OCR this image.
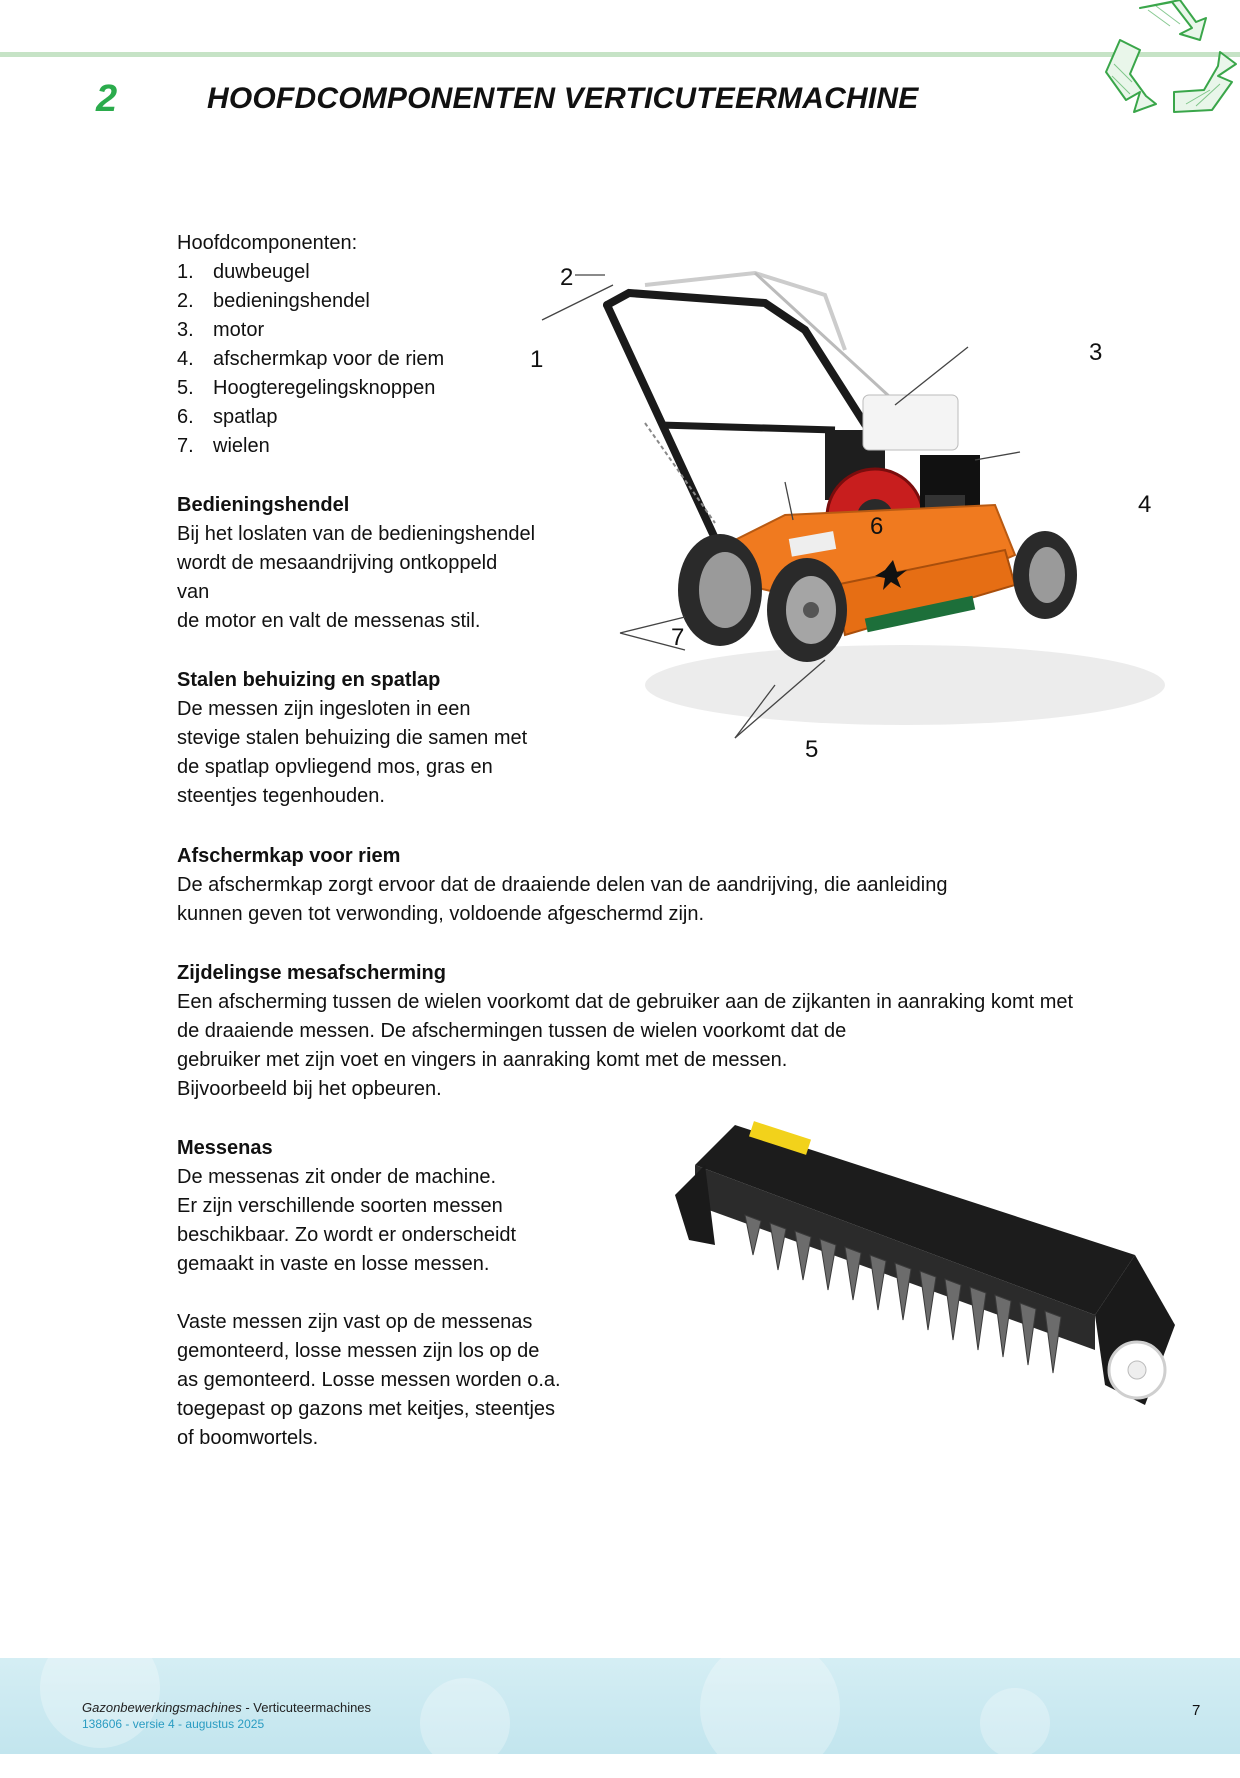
2	HOOFDCOMPONENTEN VERTICUTEERMACHINE

Hoofdcomponenten:

1. duwbeugel
2. bedieningshendel
3. motor
4. afschermkap voor de riem
5. Hoogteregelingsknoppen
6. spatlap
7. wielen

Bedieningshendel

Bij het loslaten van de bedieningshendel

wordt de mesaandrijving ontkoppeld

van

de motor en valt de messenas stil.

Stalen behuizing en spatlap

De messen zijn ingesloten in een

stevige stalen behuizing die samen met

de spatlap opvliegend mos, gras en

steentjes tegenhouden.

Afschermkap voor riem

De afschermkap zorgt ervoor dat de draaiende delen van de aandrijving, die aanleiding

kunnen geven tot verwonding, voldoende afgeschermd zijn.

Zijdelingse mesafscherming

Een afscherming tussen de wielen voorkomt dat de gebruiker aan de zijkanten in aanraking komt met

de draaiende messen. De afschermingen tussen de wielen voorkomt dat de

gebruiker met zijn voet en vingers in aanraking komt met de messen.

Bijvoorbeeld bij het opbeuren.

Messenas

De messenas zit onder de machine.

Er zijn verschillende soorten messen

beschikbaar. Zo wordt er onderscheidt

gemaakt in vaste en losse messen.

Vaste messen zijn vast op de messenas

gemonteerd, losse messen zijn los op de

as gemonteerd. Losse messen worden o.a.

toegepast op gazons met keitjes, steentjes

of boomwortels.

1
2
3
4
5
6
7
Gazonbewerkingsmachines - Verticuteermachines
138606 - versie 4 - augustus 2025
7
